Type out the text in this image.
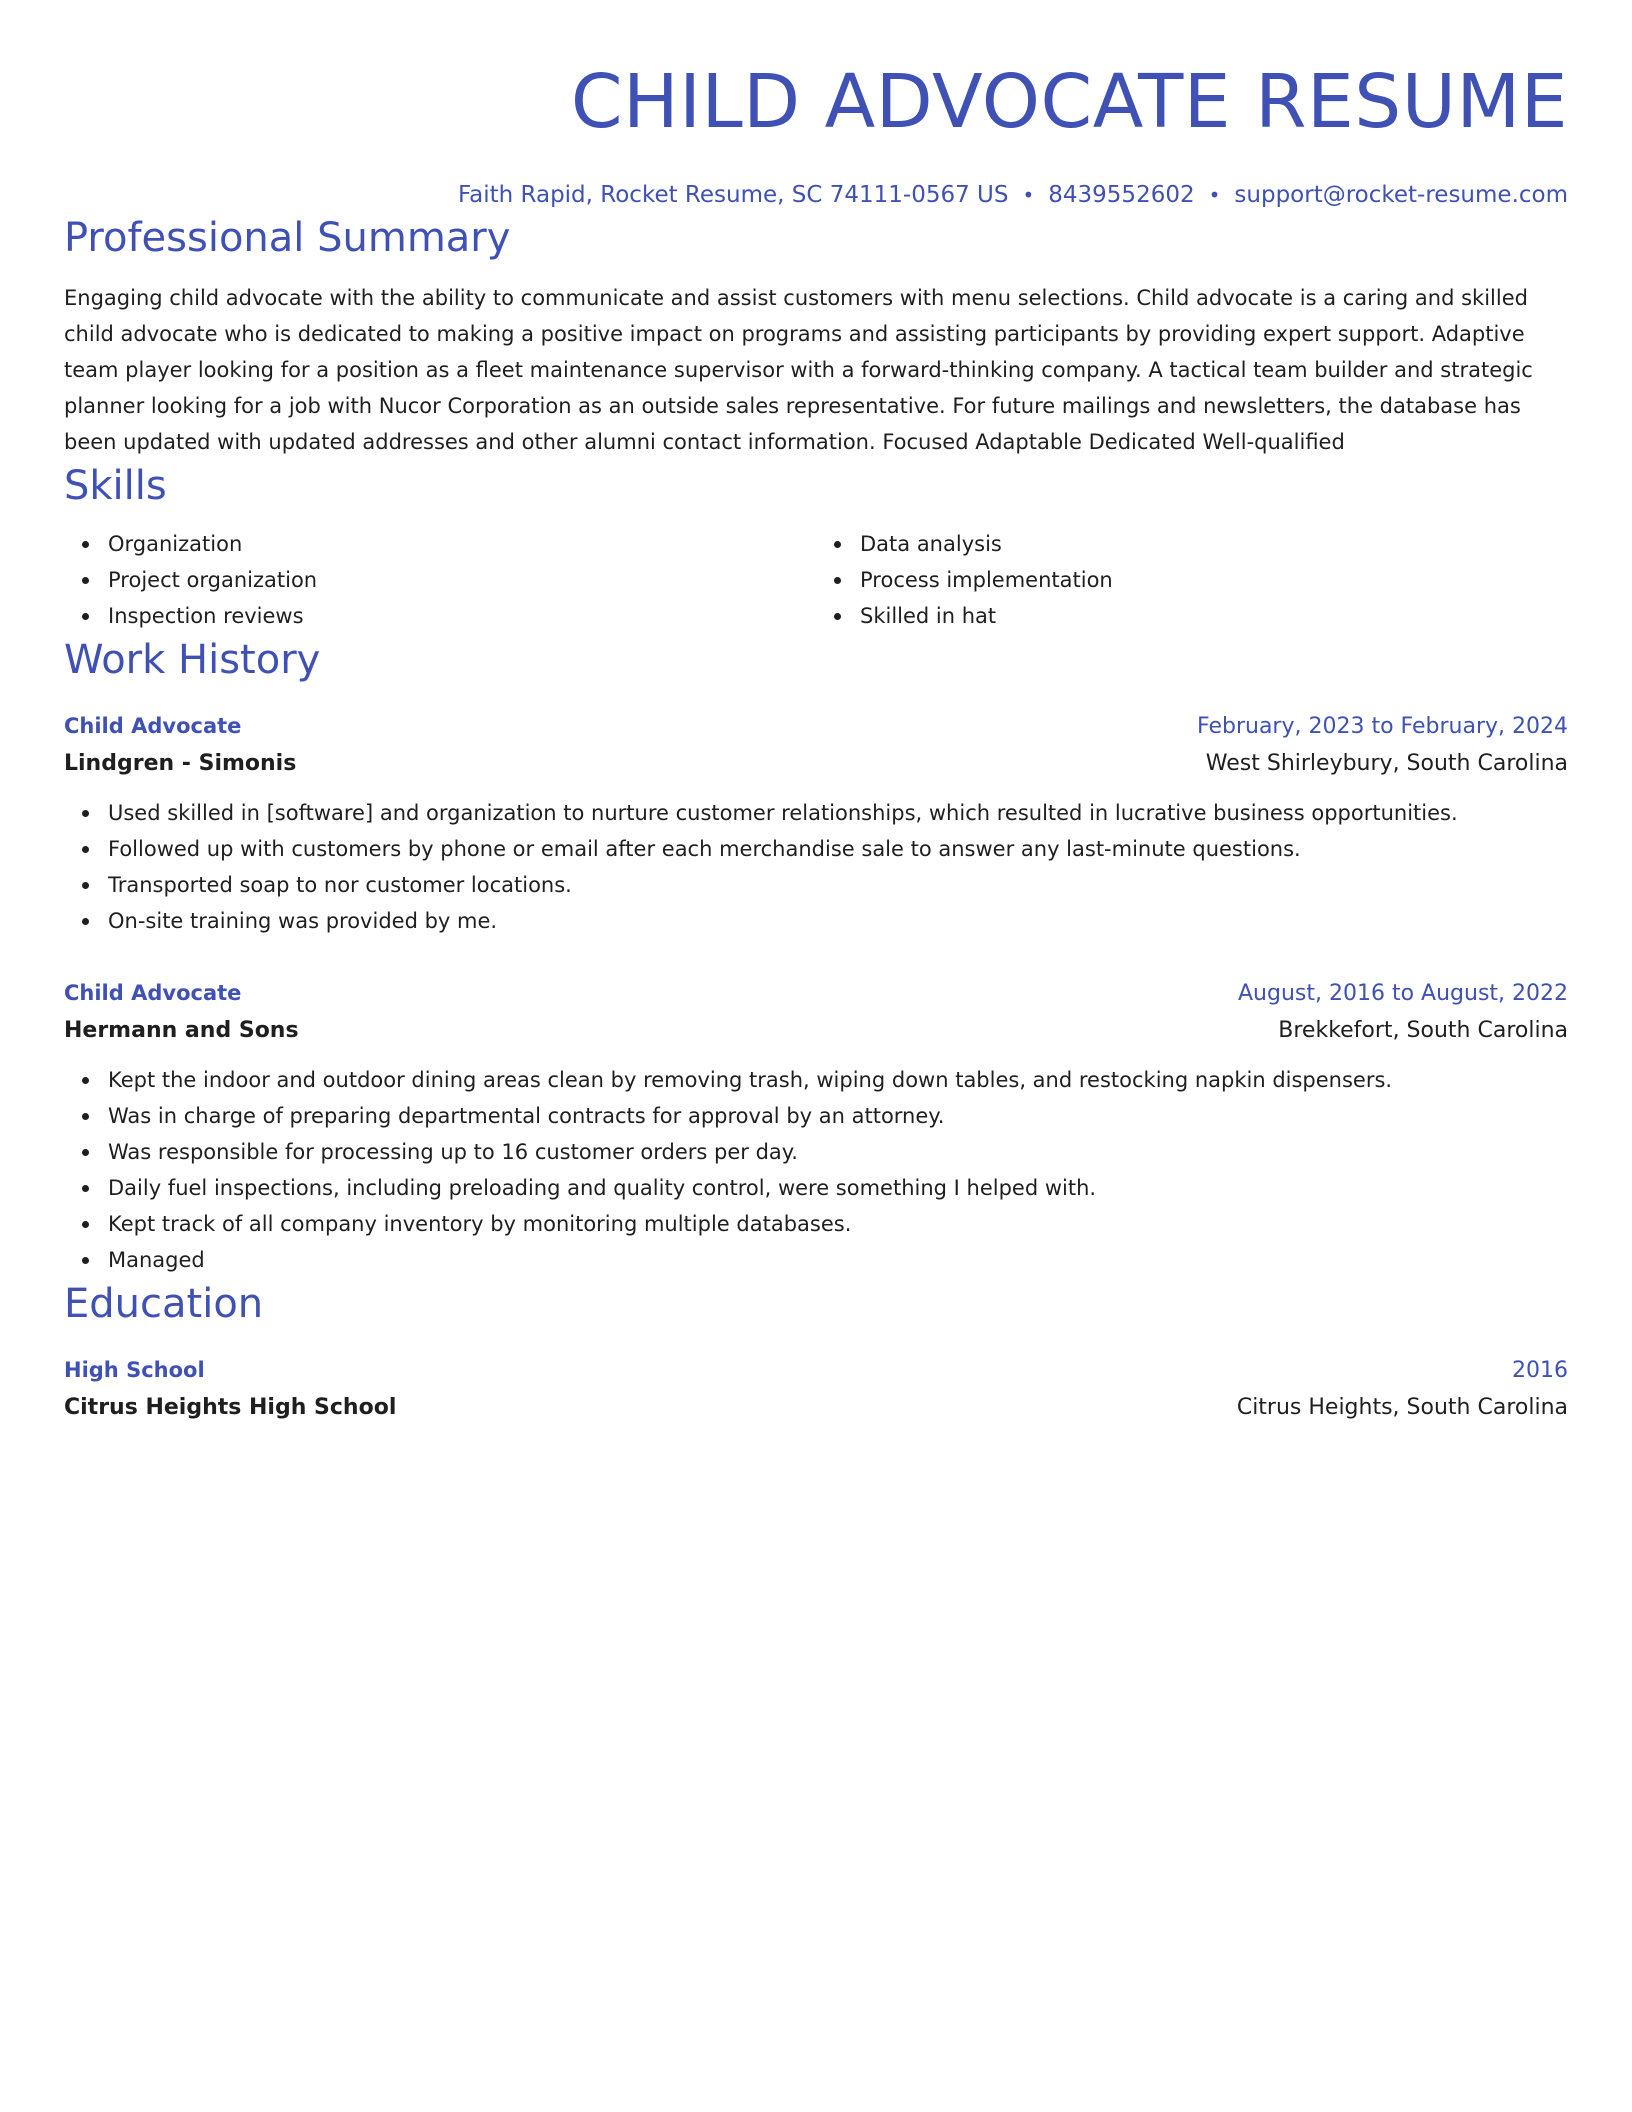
CHILD ADVOCATE RESUME
Faith Rapid, Rocket Resume, SC 74111-0567 US • 8439552602 • support@rocket-resume.com
Professional Summary
Engaging child advocate with the ability to communicate and assist customers with menu selections. Child advocate is a caring and skilled child advocate who is dedicated to making a positive impact on programs and assisting participants by providing expert support. Adaptive team player looking for a position as a fleet maintenance supervisor with a forward-thinking company. A tactical team builder and strategic planner looking for a job with Nucor Corporation as an outside sales representative. For future mailings and newsletters, the database has been updated with updated addresses and other alumni contact information. Focused Adaptable Dedicated Well-qualified
Skills
Organization
Project organization
Inspection reviews
Data analysis
Process implementation
Skilled in hat
Work History
Child Advocate	February, 2023 to February, 2024
Lindgren - Simonis	West Shirleybury, South Carolina
Used skilled in [software] and organization to nurture customer relationships, which resulted in lucrative business opportunities.
Followed up with customers by phone or email after each merchandise sale to answer any last-minute questions.
Transported soap to nor customer locations.
On-site training was provided by me.
Child Advocate	August, 2016 to August, 2022
Hermann and Sons	Brekkefort, South Carolina
Kept the indoor and outdoor dining areas clean by removing trash, wiping down tables, and restocking napkin dispensers.
Was in charge of preparing departmental contracts for approval by an attorney.
Was responsible for processing up to 16 customer orders per day.
Daily fuel inspections, including preloading and quality control, were something I helped with.
Kept track of all company inventory by monitoring multiple databases.
Managed
Education
High School	2016
Citrus Heights High School	Citrus Heights, South Carolina
